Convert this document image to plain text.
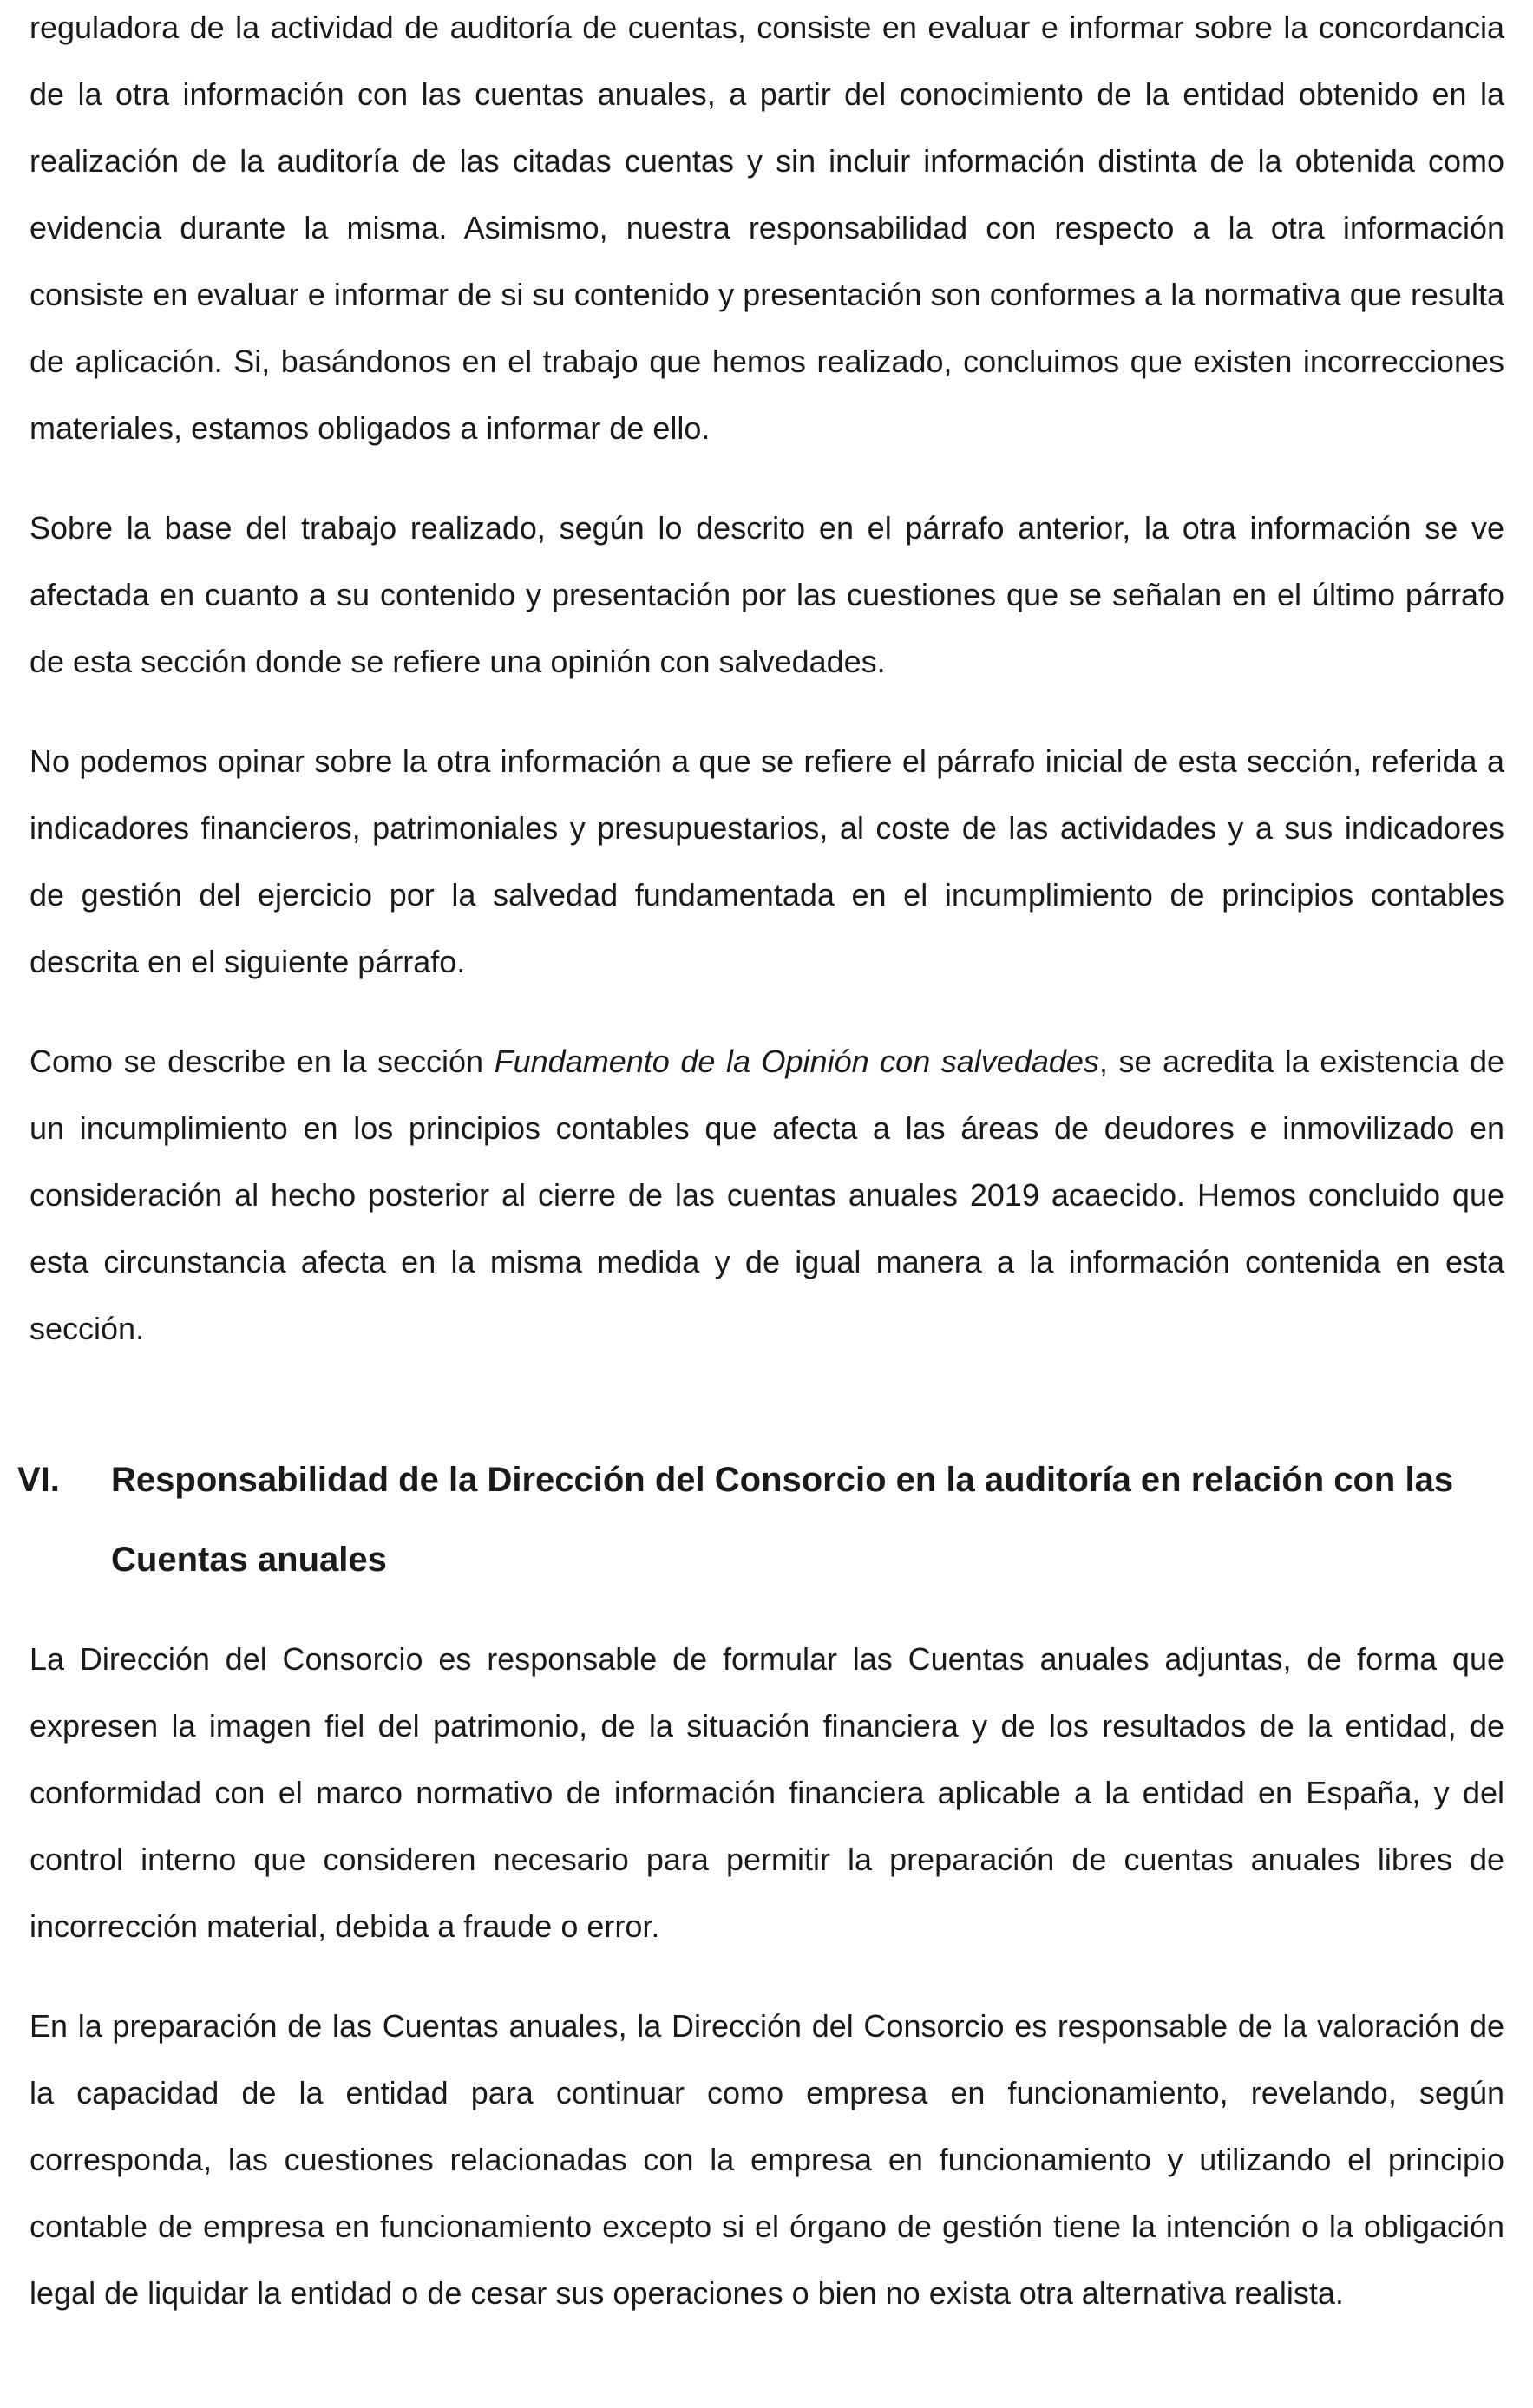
reguladora de la actividad de auditoría de cuentas, consiste en evaluar e informar sobre la concordancia de la otra información con las cuentas anuales, a partir del conocimiento de la entidad obtenido en la realización de la auditoría de las citadas cuentas y sin incluir información distinta de la obtenida como evidencia durante la misma. Asimismo, nuestra responsabilidad con respecto a la otra información consiste en evaluar e informar de si su contenido y presentación son conformes a la normativa que resulta de aplicación. Si, basándonos en el trabajo que hemos realizado, concluimos que existen incorrecciones materiales, estamos obligados a informar de ello.

Sobre la base del trabajo realizado, según lo descrito en el párrafo anterior, la otra información se ve afectada en cuanto a su contenido y presentación por las cuestiones que se señalan en el último párrafo de esta sección donde se refiere una opinión con salvedades.

No podemos opinar sobre la otra información a que se refiere el párrafo inicial de esta sección, referida a indicadores financieros, patrimoniales y presupuestarios, al coste de las actividades y a sus indicadores de gestión del ejercicio por la salvedad fundamentada en el incumplimiento de principios contables descrita en el siguiente párrafo.

Como se describe en la sección Fundamento de la Opinión con salvedades, se acredita la existencia de un incumplimiento en los principios contables que afecta a las áreas de deudores e inmovilizado en consideración al hecho posterior al cierre de las cuentas anuales 2019 acaecido. Hemos concluido que esta circunstancia afecta en la misma medida y de igual manera a la información contenida en esta sección.

VI.	Responsabilidad de la Dirección del Consorcio en la auditoría en relación con las Cuentas anuales

La Dirección del Consorcio es responsable de formular las Cuentas anuales adjuntas, de forma que expresen la imagen fiel del patrimonio, de la situación financiera y de los resultados de la entidad, de conformidad con el marco normativo de información financiera aplicable a la entidad en España, y del control interno que consideren necesario para permitir la preparación de cuentas anuales libres de incorrección material, debida a fraude o error.

En la preparación de las Cuentas anuales, la Dirección del Consorcio es responsable de la valoración de la capacidad de la entidad para continuar como empresa en funcionamiento, revelando, según corresponda, las cuestiones relacionadas con la empresa en funcionamiento y utilizando el principio contable de empresa en funcionamiento excepto si el órgano de gestión tiene la intención o la obligación legal de liquidar la entidad o de cesar sus operaciones o bien no exista otra alternativa realista.
